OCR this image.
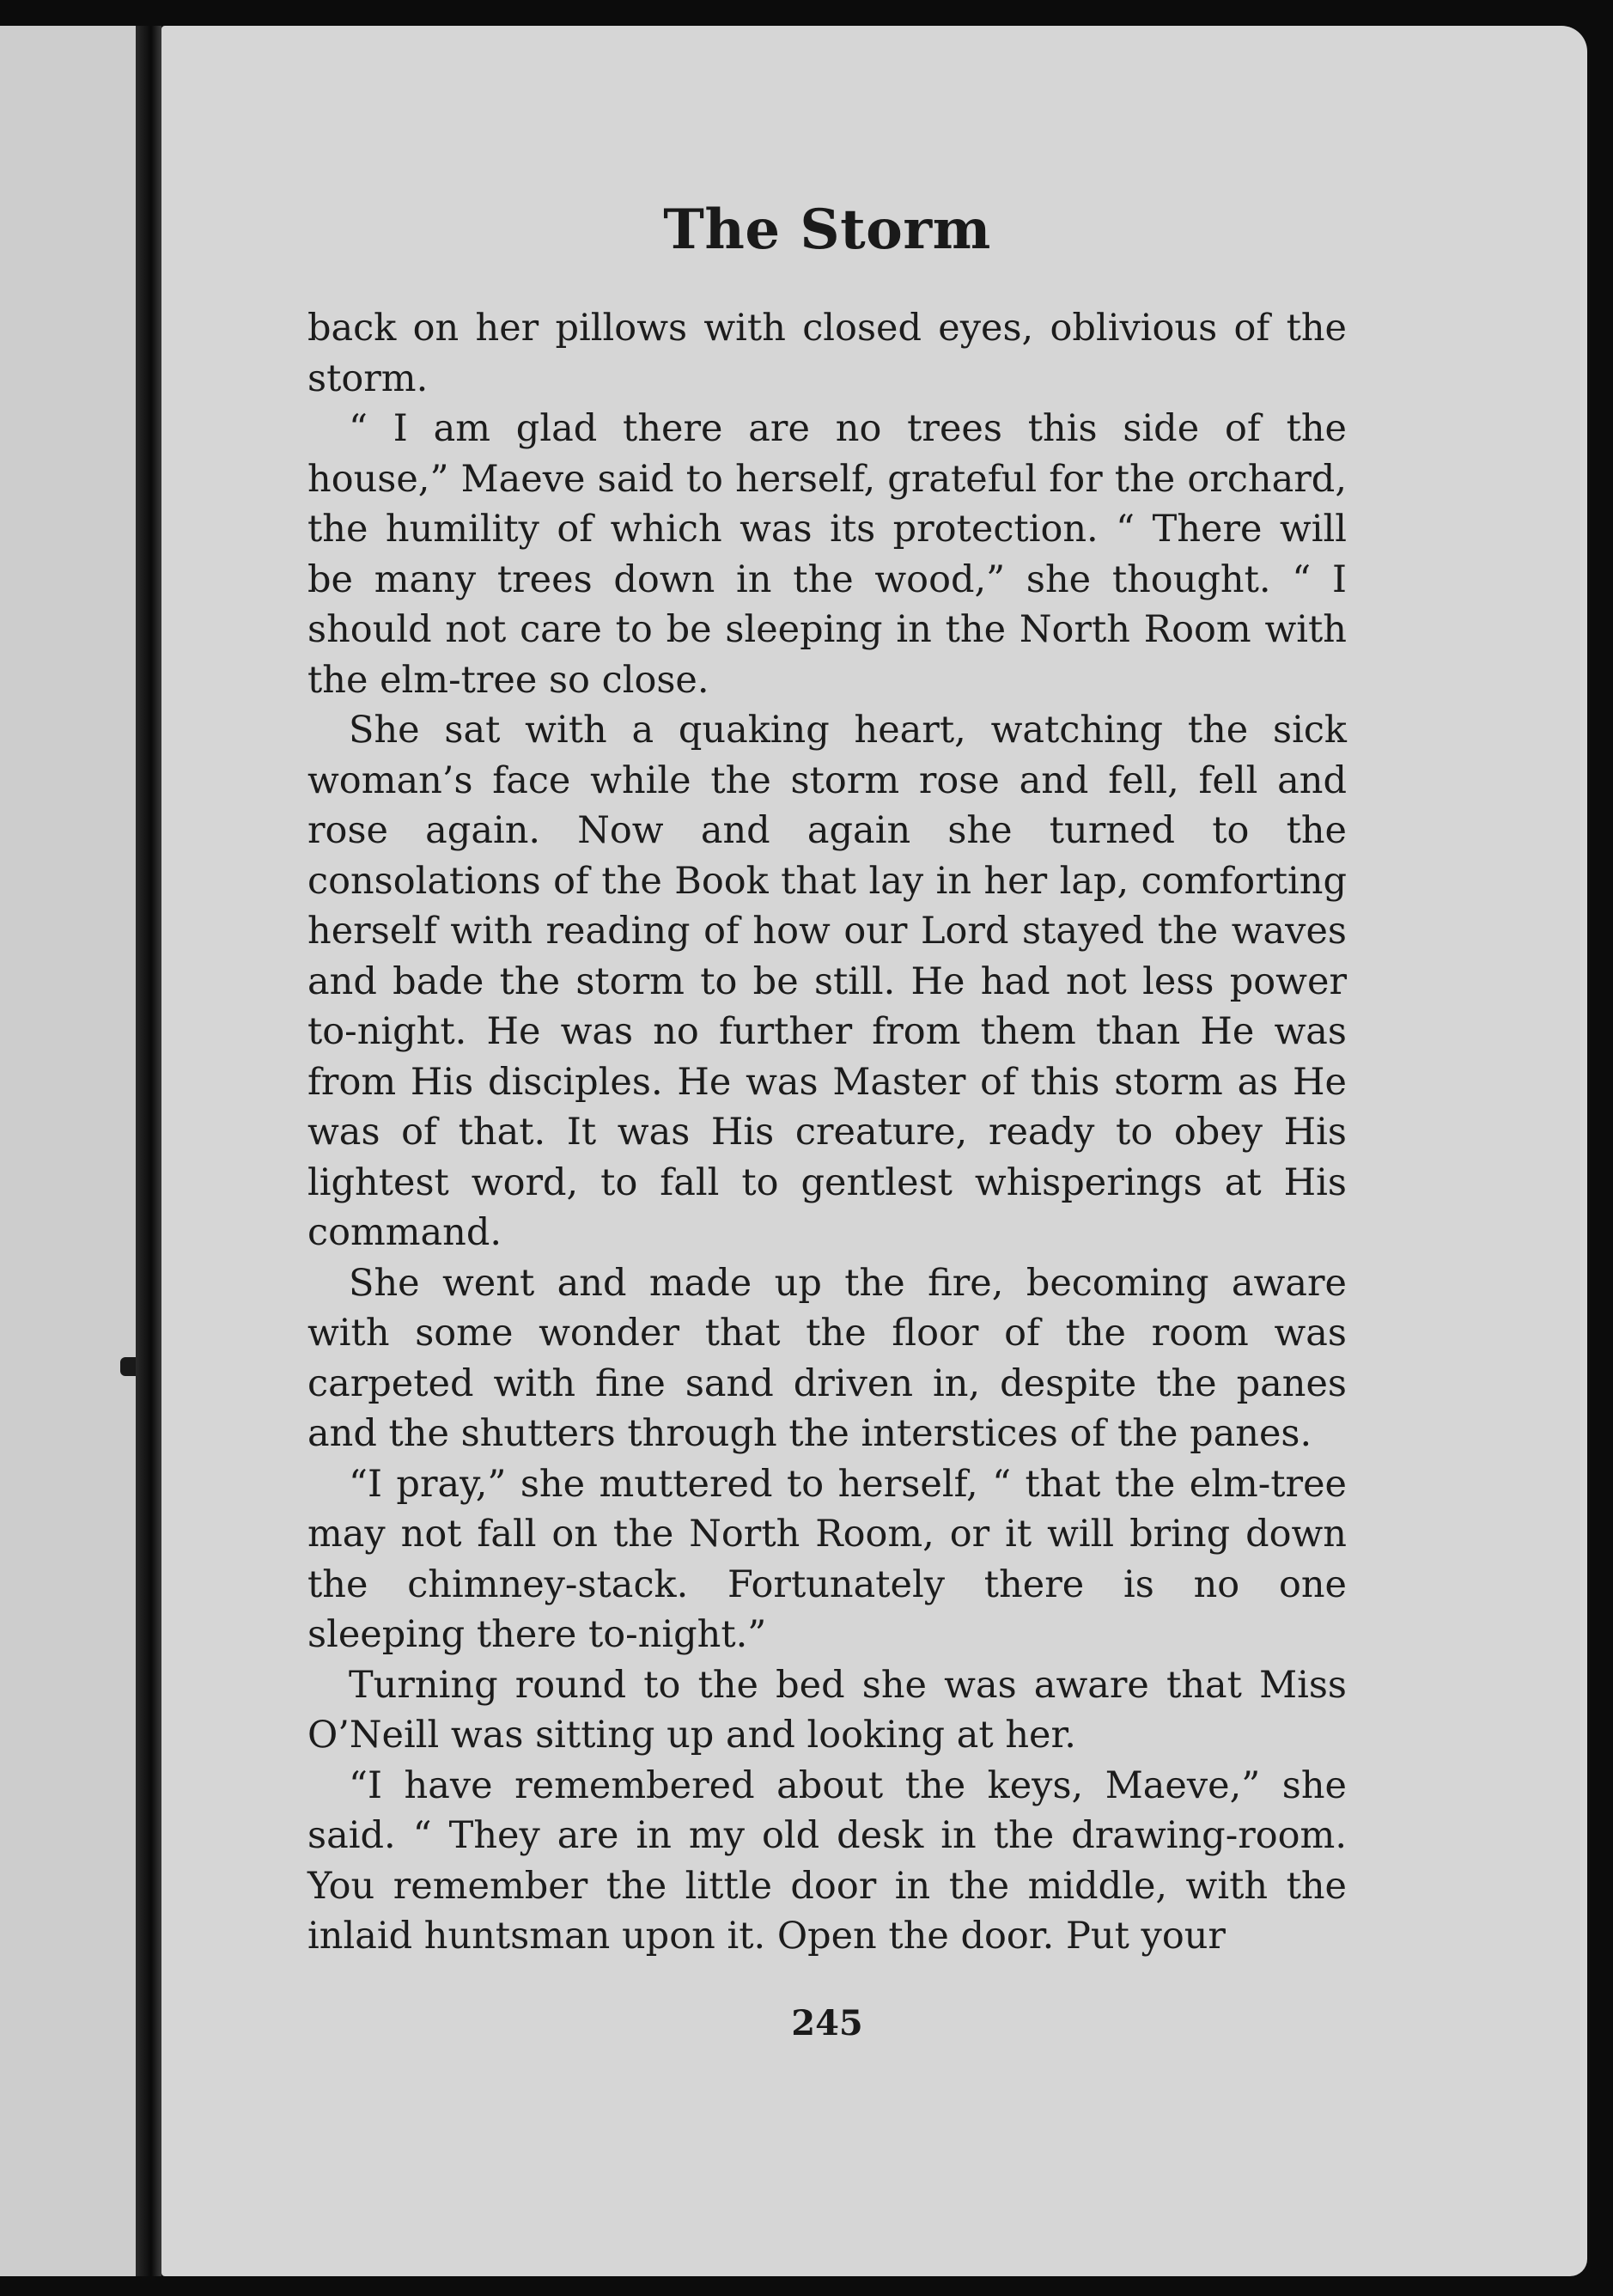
The Storm

back on her pillows with closed eyes, oblivious of the storm.

“ I am glad there are no trees this side of the house,” Maeve said to herself, grateful for the orchard, the humility of which was its protection. “ There will be many trees down in the wood,” she thought. “ I should not care to be sleeping in the North Room with the elm-tree so close.

She sat with a quaking heart, watching the sick woman’s face while the storm rose and fell, fell and rose again. Now and again she turned to the consolations of the Book that lay in her lap, comforting herself with reading of how our Lord stayed the waves and bade the storm to be still. He had not less power to-night. He was no further from them than He was from His disciples. He was Master of this storm as He was of that. It was His creature, ready to obey His lightest word, to fall to gentlest whisperings at His command.

She went and made up the fire, becoming aware with some wonder that the floor of the room was carpeted with fine sand driven in, despite the panes and the shutters through the interstices of the panes.

“I pray,” she muttered to herself, “ that the elm-tree may not fall on the North Room, or it will bring down the chimney-stack. Fortunately there is no one sleeping there to-night.”

Turning round to the bed she was aware that Miss O’Neill was sitting up and looking at her.

“I have remembered about the keys, Maeve,” she said. “ They are in my old desk in the drawing-room. You remember the little door in the middle, with the inlaid huntsman upon it. Open the door. Put your

245
